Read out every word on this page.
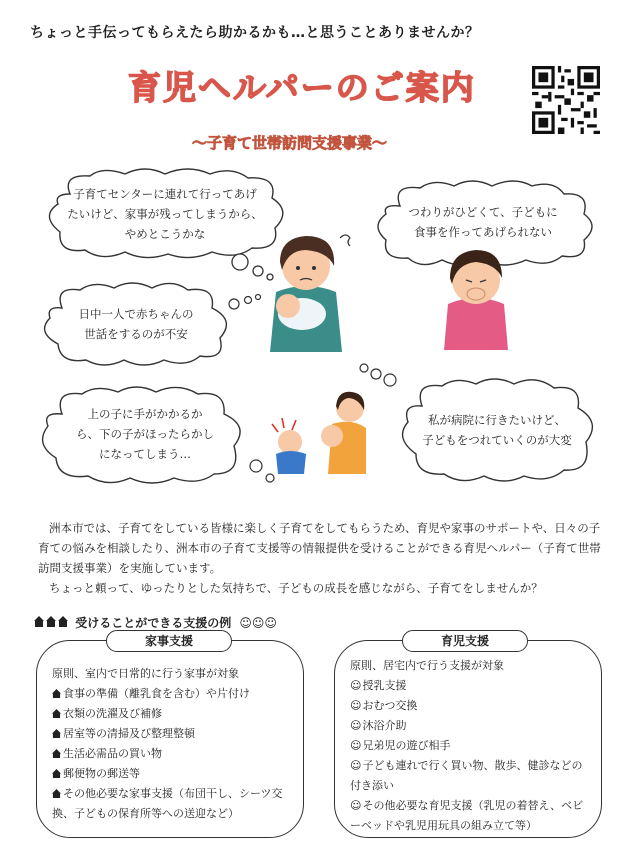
ちょっと手伝ってもらえたら助かるかも…と思うことありませんか？
育児ヘルパーのご案内
〜子育て世帯訪問支援事業〜
子育てセンターに連れて行ってあげ
たいけど、家事が残ってしまうから、
やめとこうかな
つわりがひどくて、子どもに
食事を作ってあげられない
日中一人で赤ちゃんの
世話をするのが不安
上の子に手がかかるか
ら、下の子がほったらかし
になってしまう…
私が病院に行きたいけど、
子どもをつれていくのが大変

洲本市では、子育てをしている皆様に楽しく子育てをしてもらうため、育児や家事のサポートや、日々の子育ての悩みを相談したり、洲本市の子育て支援等の情報提供を受けることができる育児ヘルパー（子育て世帯訪問支援事業）を実施しています。

ちょっと頼って、ゆったりとした気持ちで、子どもの成長を感じながら、子育てをしませんか？

受けることができる支援の例 ☺☺☺
家事支援
原則、室内で日常的に行う家事が対象
食事の準備（離乳食を含む）や片付け
衣類の洗濯及び補修
居室等の清掃及び整理整頓
生活必需品の買い物
郵便物の郵送等
その他必要な家事支援（布団干し、シーツ交
換、子どもの保育所等への送迎など）
育児支援
原則、居宅内で行う支援が対象
☺授乳支援
☺おむつ交換
☺沐浴介助
☺兄弟児の遊び相手
☺子ども連れで行く買い物、散歩、健診などの
付き添い
☺その他必要な育児支援（乳児の着替え、ベビ
ーベッドや乳児用玩具の組み立て等）
